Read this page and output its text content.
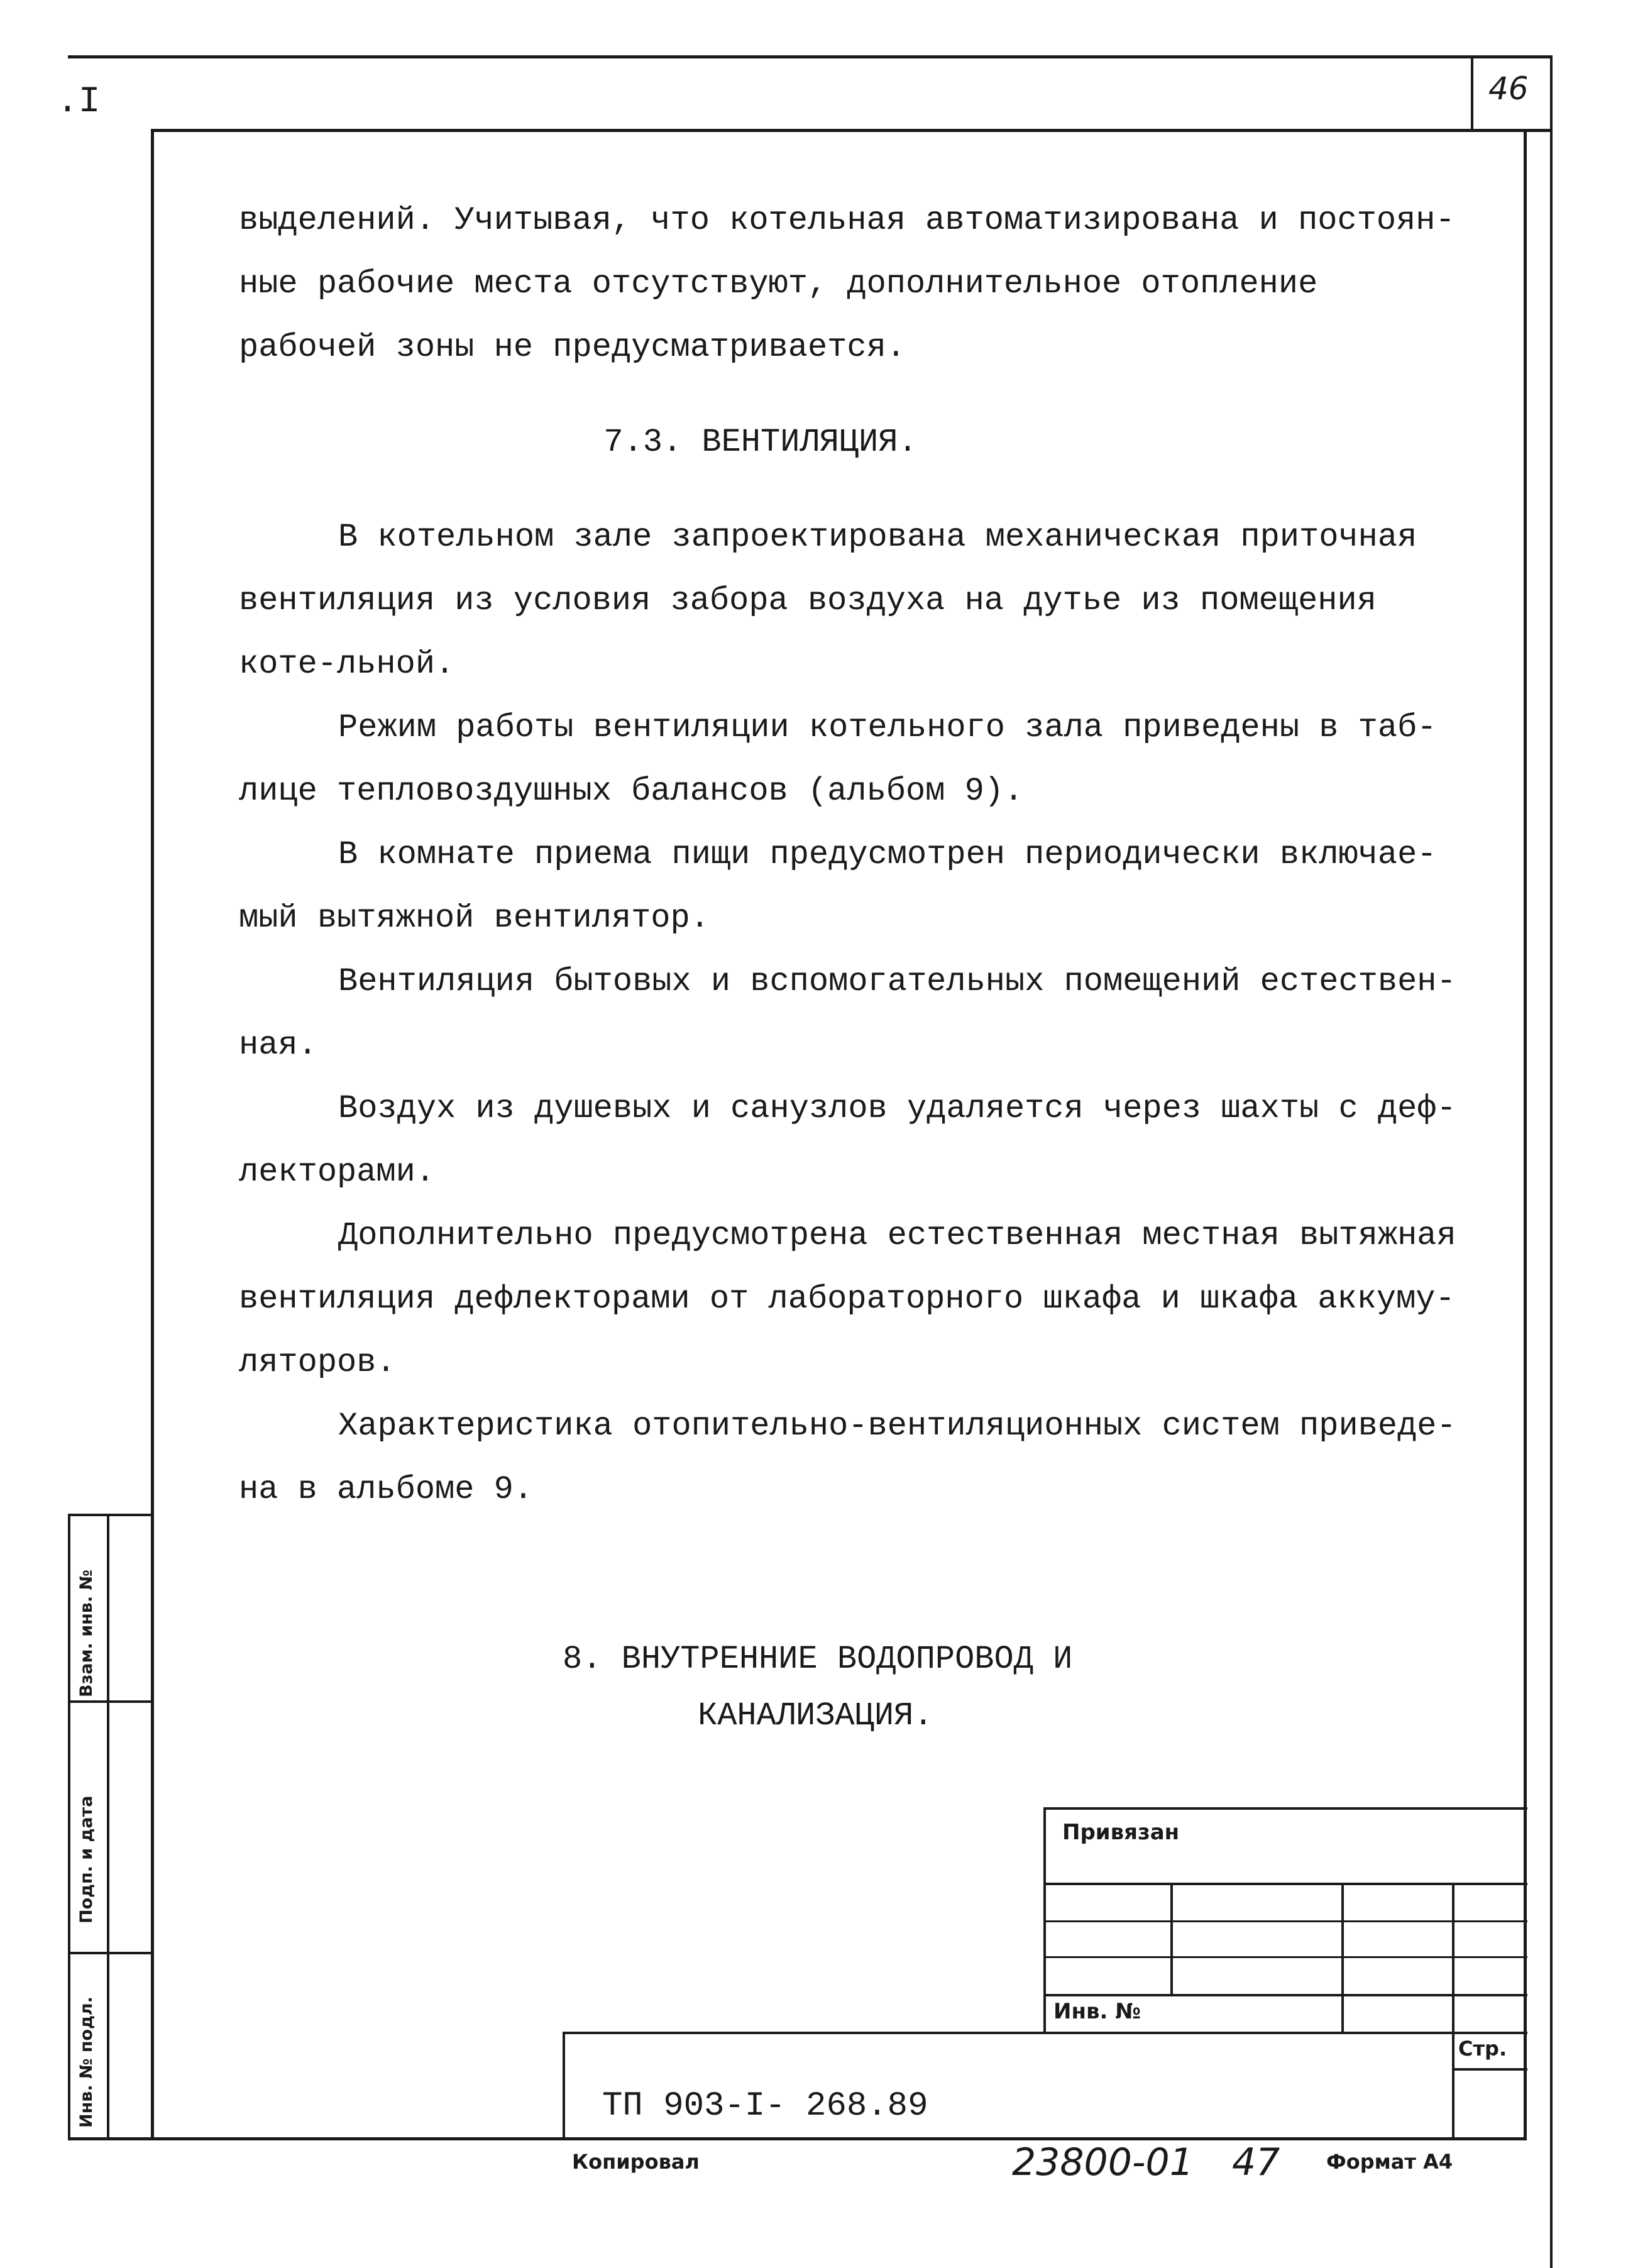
.I	46

выделений. Учитывая, что котельная автоматизирована и постоян-ные рабочие места отсутствуют, дополнительное отопление рабочей зоны не предусматривается.

7.3. ВЕНТИЛЯЦИЯ.

В котельном зале запроектирована механическая приточная вентиляция из условия забора воздуха на дутье из помещения коте-льной.

Режим работы вентиляции котельного зала приведены в таб-лице тепловоздушных балансов (альбом 9).

В комнате приема пищи предусмотрен периодически включае-мый вытяжной вентилятор.

Вентиляция бытовых и вспомогательных помещений естествен-ная.

Воздух из душевых и санузлов удаляется через шахты с деф-лекторами.

Дополнительно предусмотрена естественная местная вытяжная вентиляция дефлекторами от лабораторного шкафа и шкафа аккуму-ляторов.

Характеристика отопительно-вентиляционных систем приведе-на в альбоме 9.

8. ВНУТРЕННИЕ ВОДОПРОВОД И
КАНАЛИЗАЦИЯ.
Взам. инв. №
Подп. и дата
Инв. № подл.
Привязан
Инв. №
Стр.
ТП 903-I- 268.89
Копировал	23800-01 47 Формат А4
